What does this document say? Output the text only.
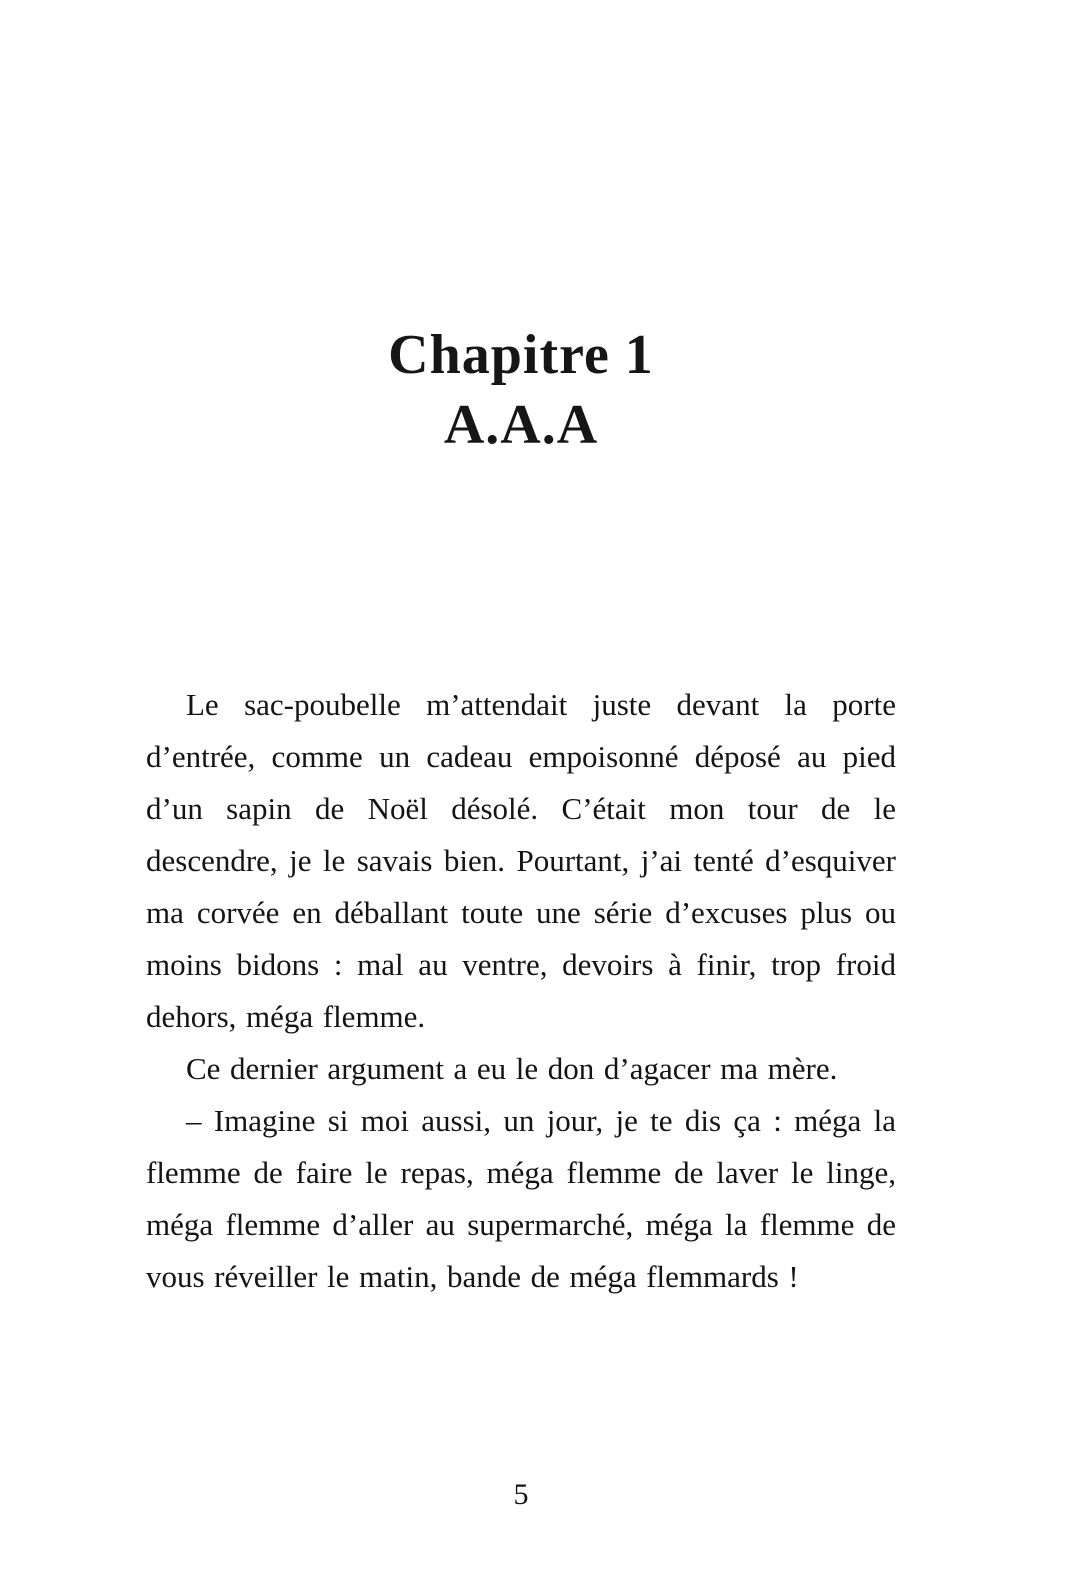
Chapitre 1
A.A.A

Le sac-poubelle m’attendait juste devant la porte d’entrée, comme un cadeau empoisonné déposé au pied d’un sapin de Noël désolé. C’était mon tour de le descendre, je le savais bien. Pourtant, j’ai tenté d’esquiver ma corvée en déballant toute une série d’excuses plus ou moins bidons : mal au ventre, devoirs à finir, trop froid dehors, méga flemme.

Ce dernier argument a eu le don d’agacer ma mère.

– Imagine si moi aussi, un jour, je te dis ça : méga la flemme de faire le repas, méga flemme de laver le linge, méga flemme d’aller au supermarché, méga la flemme de vous réveiller le matin, bande de méga flemmards !

5
